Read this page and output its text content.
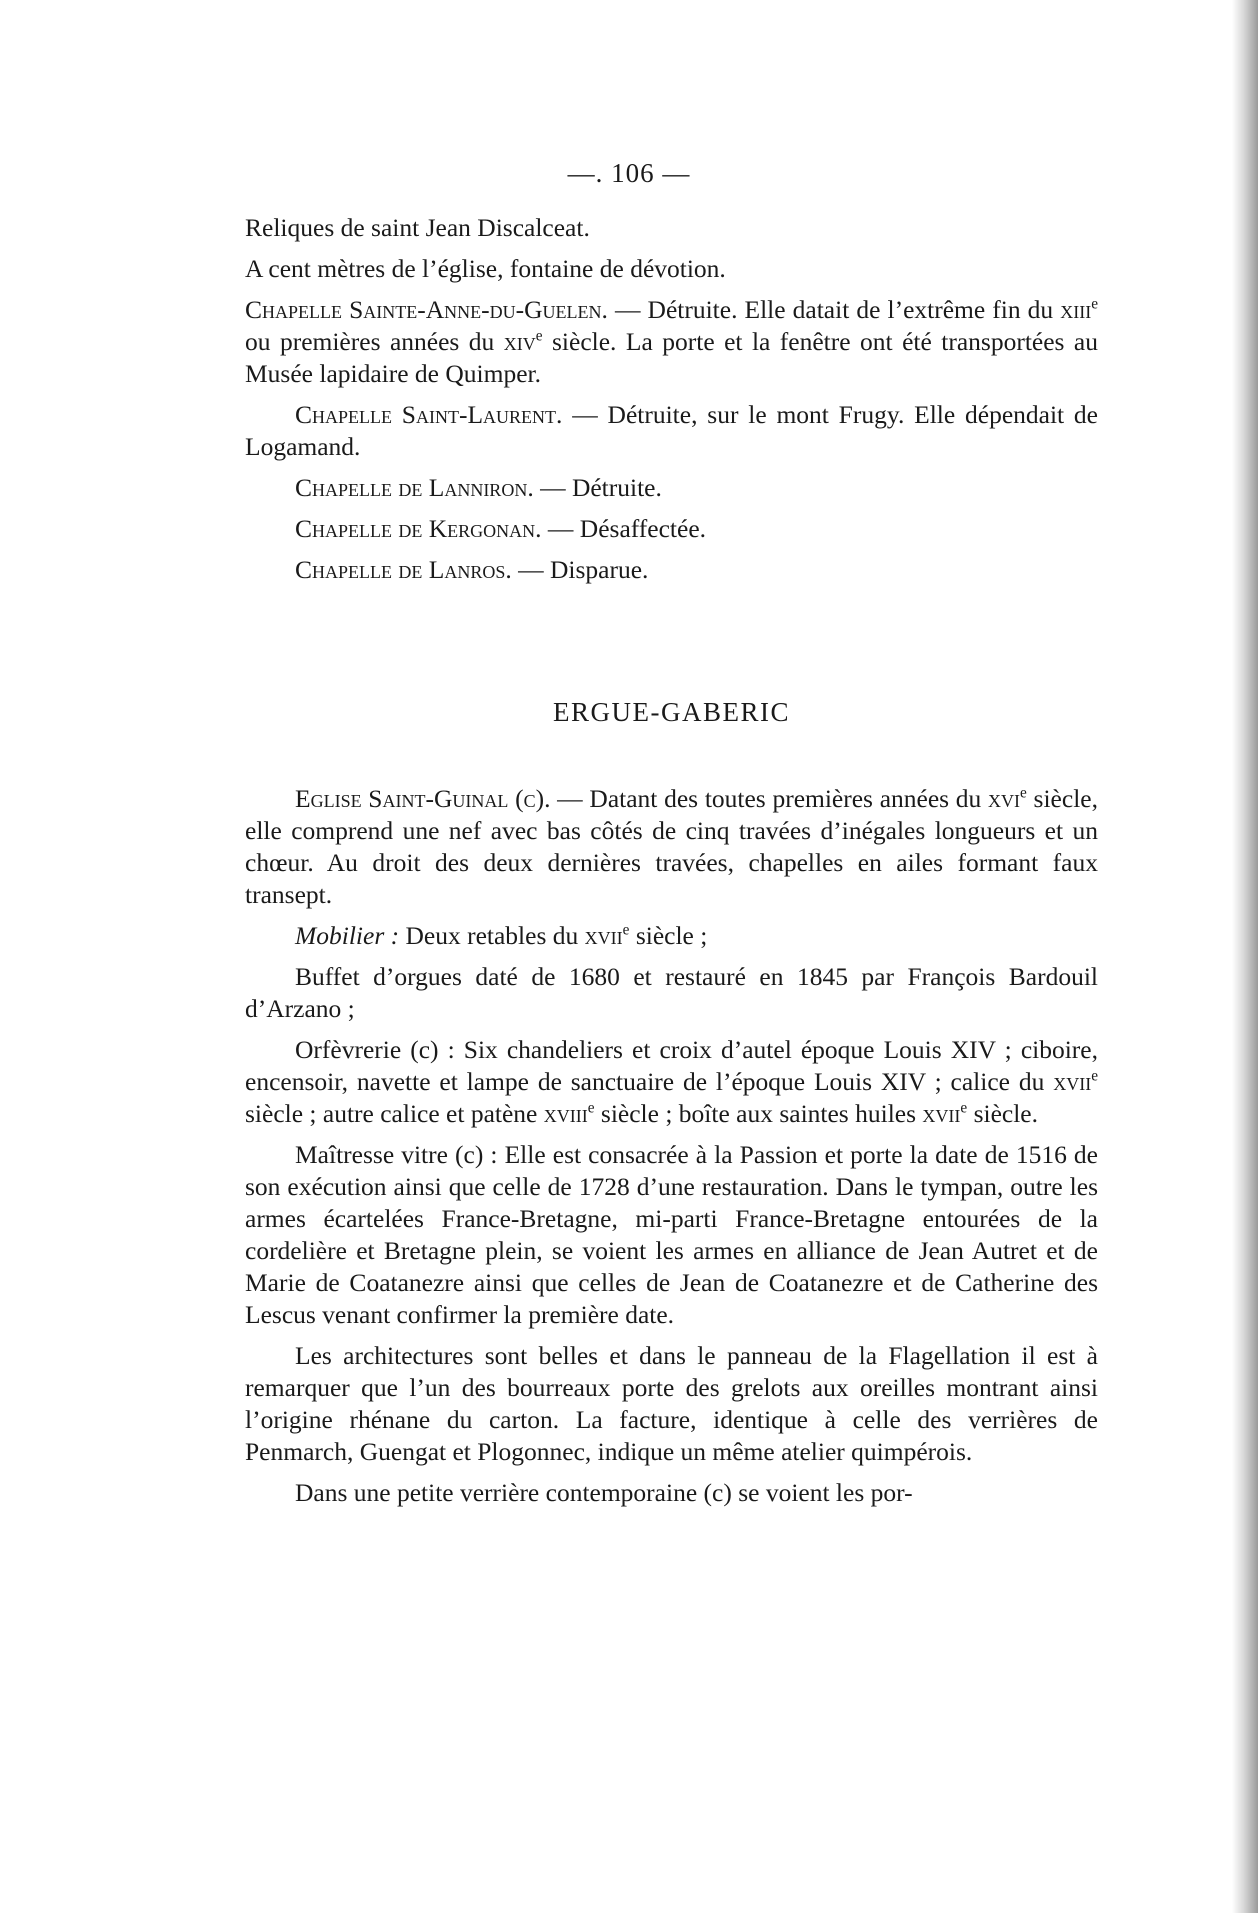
—. 106 —

Reliques de saint Jean Discalceat.

A cent mètres de l’église, fontaine de dévotion.

Chapelle Sainte-Anne-du-Guelen. — Détruite. Elle datait de l’extrême fin du xiii$^e$ ou premières années du xiv$^e$ siècle. La porte et la fenêtre ont été transportées au Musée lapidaire de Quimper.

Chapelle Saint-Laurent. — Détruite, sur le mont Frugy. Elle dépendait de Logamand.

Chapelle de Lanniron. — Détruite.

Chapelle de Kergonan. — Désaffectée.

Chapelle de Lanros. — Disparue.

ERGUE-GABERIC

Eglise Saint-Guinal (c). — Datant des toutes premières années du xvi$^e$ siècle, elle comprend une nef avec bas côtés de cinq travées d’inégales longueurs et un chœur. Au droit des deux dernières travées, chapelles en ailes formant faux transept.

Mobilier : Deux retables du xvii$^e$ siècle ;

Buffet d’orgues daté de 1680 et restauré en 1845 par François Bardouil d’Arzano ;

Orfèvrerie (c) : Six chandeliers et croix d’autel époque Louis XIV ; ciboire, encensoir, navette et lampe de sanctuaire de l’époque Louis XIV ; calice du xvii$^e$ siècle ; autre calice et patène xviii$^e$ siècle ; boîte aux saintes huiles xvii$^e$ siècle.

Maîtresse vitre (c) : Elle est consacrée à la Passion et porte la date de 1516 de son exécution ainsi que celle de 1728 d’une restauration. Dans le tympan, outre les armes écartelées France-Bretagne, mi-parti France-Bretagne entourées de la cordelière et Bretagne plein, se voient les armes en alliance de Jean Autret et de Marie de Coatanezre ainsi que celles de Jean de Coatanezre et de Catherine des Lescus venant confirmer la première date.

Les architectures sont belles et dans le panneau de la Flagellation il est à remarquer que l’un des bourreaux porte des grelots aux oreilles montrant ainsi l’origine rhénane du carton. La facture, identique à celle des verrières de Penmarch, Guengat et Plogonnec, indique un même atelier quimpérois.

Dans une petite verrière contemporaine (c) se voient les por-
